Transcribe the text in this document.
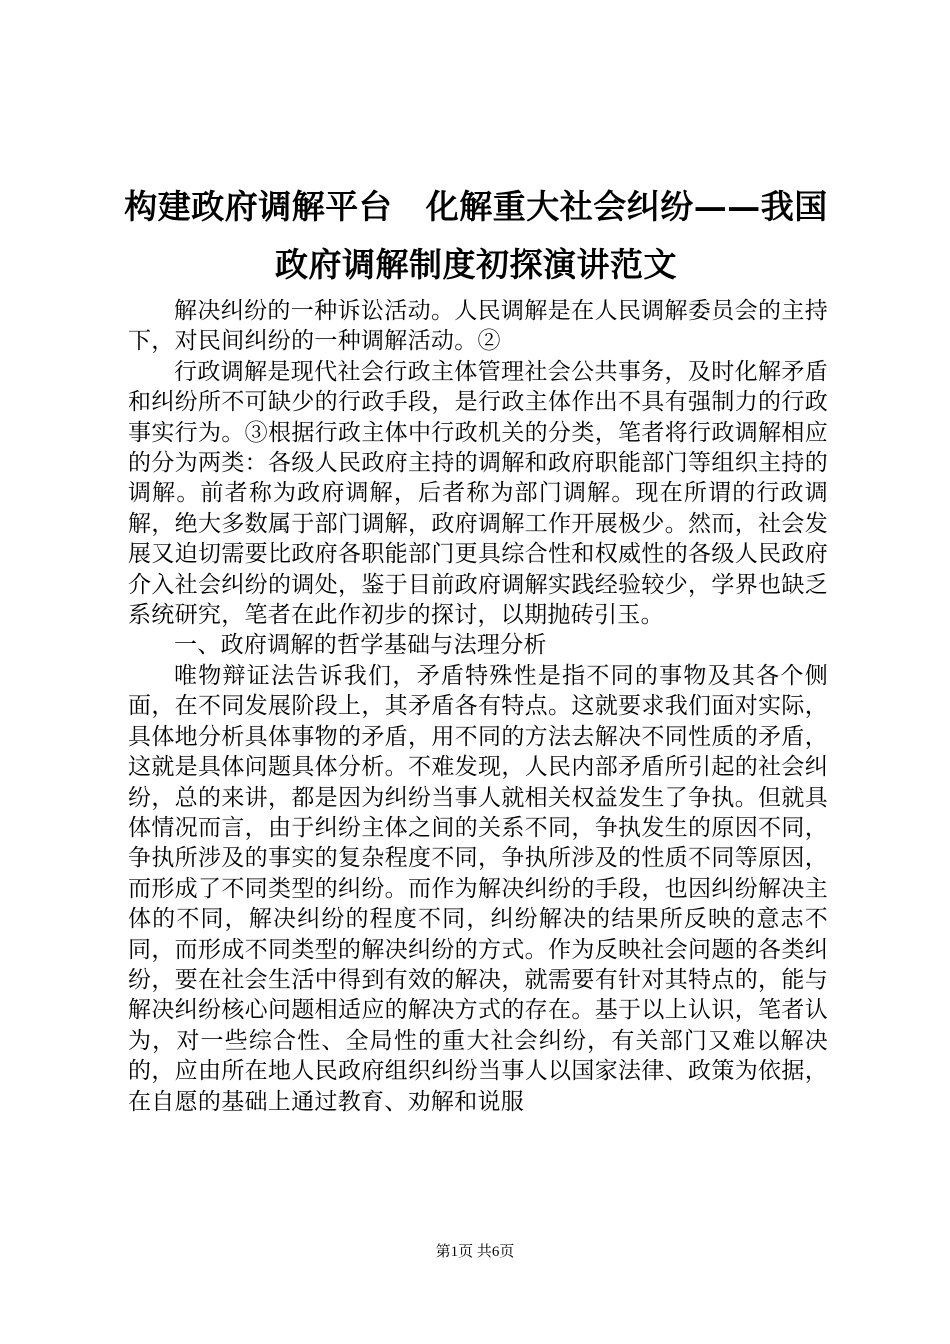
构建政府调解平台　化解重大社会纠纷——我国政府调解制度初探演讲范文

解决纠纷的一种诉讼活动。人民调解是在人民调解委员会的主持下，对民间纠纷的一种调解活动。②

行政调解是现代社会行政主体管理社会公共事务，及时化解矛盾和纠纷所不可缺少的行政手段，是行政主体作出不具有强制力的行政事实行为。③根据行政主体中行政机关的分类，笔者将行政调解相应的分为两类：各级人民政府主持的调解和政府职能部门等组织主持的调解。前者称为政府调解，后者称为部门调解。现在所谓的行政调解，绝大多数属于部门调解，政府调解工作开展极少。然而，社会发展又迫切需要比政府各职能部门更具综合性和权威性的各级人民政府介入社会纠纷的调处，鉴于目前政府调解实践经验较少，学界也缺乏系统研究，笔者在此作初步的探讨，以期抛砖引玉。

一、政府调解的哲学基础与法理分析

唯物辩证法告诉我们，矛盾特殊性是指不同的事物及其各个侧面，在不同发展阶段上，其矛盾各有特点。这就要求我们面对实际，具体地分析具体事物的矛盾，用不同的方法去解决不同性质的矛盾，这就是具体问题具体分析。不难发现，人民内部矛盾所引起的社会纠纷，总的来讲，都是因为纠纷当事人就相关权益发生了争执。但就具体情况而言，由于纠纷主体之间的关系不同，争执发生的原因不同，争执所涉及的事实的复杂程度不同，争执所涉及的性质不同等原因，而形成了不同类型的纠纷。而作为解决纠纷的手段，也因纠纷解决主体的不同，解决纠纷的程度不同，纠纷解决的结果所反映的意志不同，而形成不同类型的解决纠纷的方式。作为反映社会问题的各类纠纷，要在社会生活中得到有效的解决，就需要有针对其特点的，能与解决纠纷核心问题相适应的解决方式的存在。基于以上认识，笔者认为，对一些综合性、全局性的重大社会纠纷，有关部门又难以解决的，应由所在地人民政府组织纠纷当事人以国家法律、政策为依据，在自愿的基础上通过教育、劝解和说服

第1页 共6页
